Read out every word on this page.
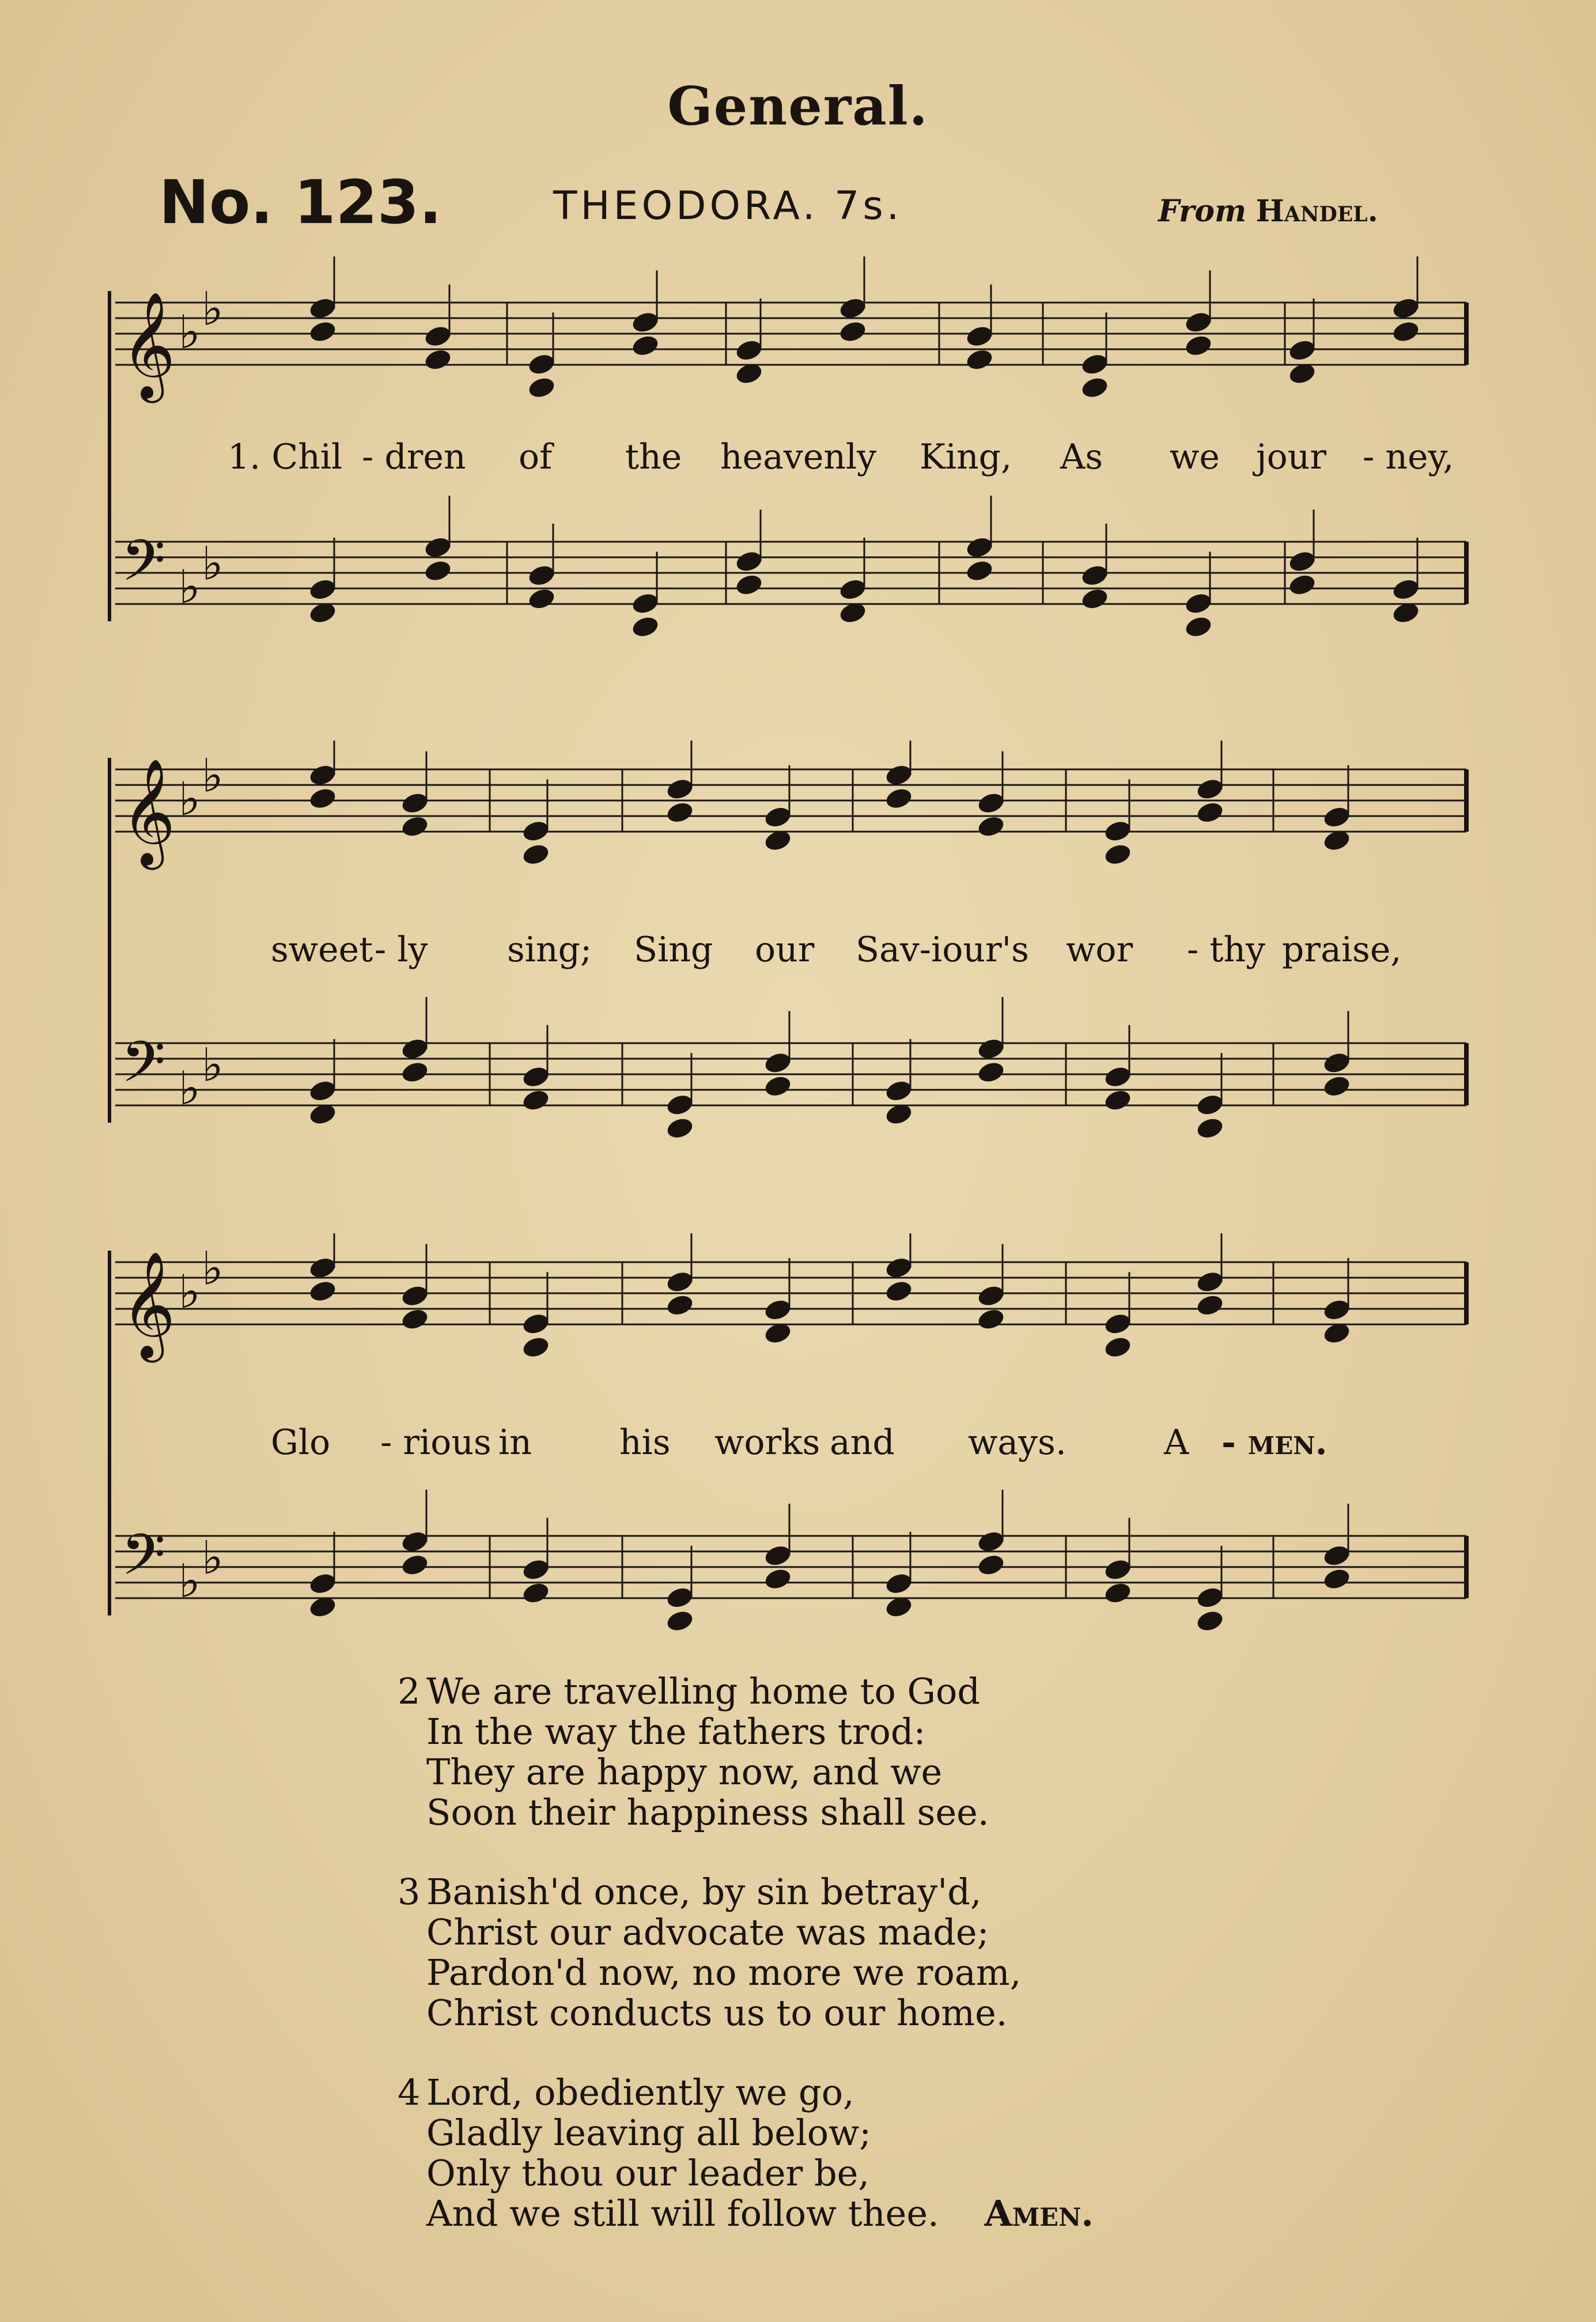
General.
No. 123.	THEODORA. 7s.	From Handel.
𝄞 ♭ ♭
𝄢 ♭ ♭
1. Chil - dren of the heavenly King, As we jour - ney,
𝄞 ♭ ♭
𝄢 ♭ ♭
sweet - ly sing; Sing our Sav-iour's wor - thy praise,
𝄞 ♭ ♭
𝄢 ♭ ♭
Glo - rious in	his works and ways.	A - men.
2 We are travelling home to God
In the way the fathers trod:
They are happy now, and we
Soon their happiness shall see.
3 Banish'd once, by sin betray'd,
Christ our advocate was made;
Pardon'd now, no more we roam,
Christ conducts us to our home.
4 Lord, obediently we go,
Gladly leaving all below;
Only thou our leader be,
And we still will follow thee. Amen.
